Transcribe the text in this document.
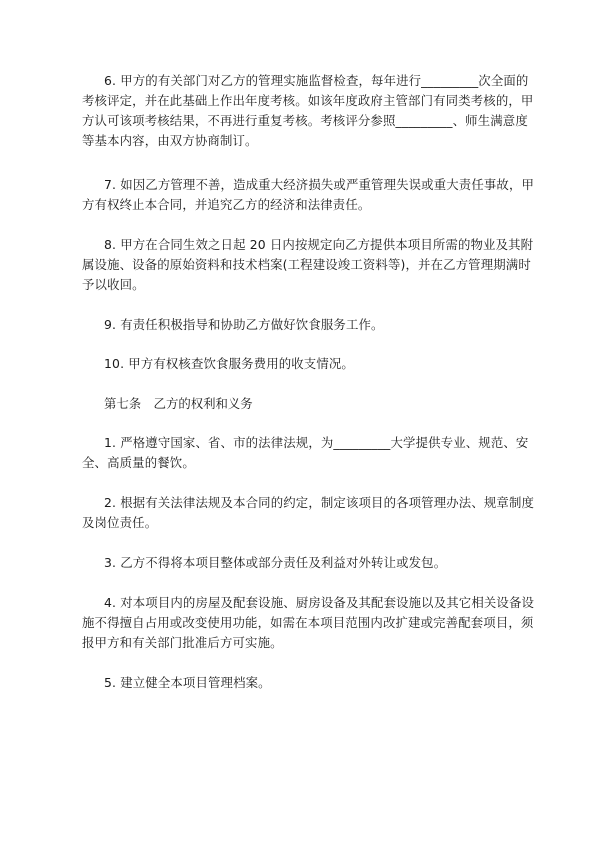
6. 甲方的有关部门对乙方的管理实施监督检查，每年进行_________次全面的考核评定，并在此基础上作出年度考核。如该年度政府主管部门有同类考核的，甲方认可该项考核结果，不再进行重复考核。考核评分参照_________、师生满意度等基本内容，由双方协商制订。

7. 如因乙方管理不善，造成重大经济损失或严重管理失误或重大责任事故，甲方有权终止本合同，并追究乙方的经济和法律责任。

8. 甲方在合同生效之日起 20 日内按规定向乙方提供本项目所需的物业及其附属设施、设备的原始资料和技术档案(工程建设竣工资料等)，并在乙方管理期满时予以收回。

9. 有责任积极指导和协助乙方做好饮食服务工作。

10. 甲方有权核查饮食服务费用的收支情况。

第七条　乙方的权利和义务

1. 严格遵守国家、省、市的法律法规，为_________大学提供专业、规范、安全、高质量的餐饮。

2. 根据有关法律法规及本合同的约定，制定该项目的各项管理办法、规章制度及岗位责任。

3. 乙方不得将本项目整体或部分责任及利益对外转让或发包。

4. 对本项目内的房屋及配套设施、厨房设备及其配套设施以及其它相关设备设施不得擅自占用或改变使用功能，如需在本项目范围内改扩建或完善配套项目，须报甲方和有关部门批准后方可实施。

5. 建立健全本项目管理档案。
